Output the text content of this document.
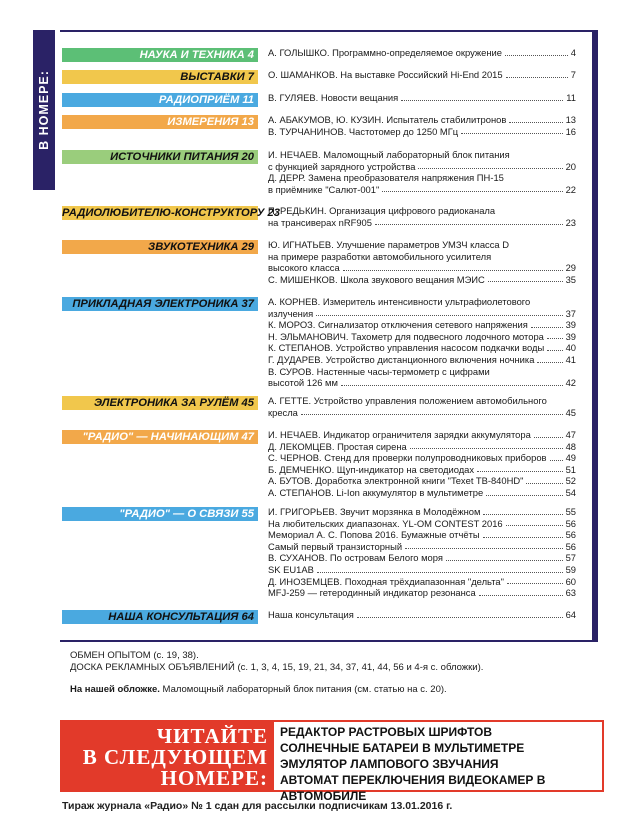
В НОМЕРЕ:
НАУКА И ТЕХНИКА 4	А. ГОЛЫШКО. Программно-определяемое окружение	4
ВЫСТАВКИ 7	О. ШАМАНКОВ. На выставке Российский Hi-End 2015	7
РАДИОПРИЁМ 11	В. ГУЛЯЕВ. Новости вещания	11
ИЗМЕРЕНИЯ 13	А. АБАКУМОВ, Ю. КУЗИН. Испытатель стабилитронов	13
В. ТУРЧАНИНОВ. Частотомер до 1250 МГц	16
ИСТОЧНИКИ ПИТАНИЯ 20	И. НЕЧАЕВ. Маломощный лабораторный блок питания
с функцией зарядного устройства	20
Д. ДЕРР. Замена преобразователя напряжения ПН-15
в приёмнике "Салют-001"	22
РАДИОЛЮБИТЕЛЮ-КОНСТРУКТОРУ 23
П. РЕДЬКИН. Организация цифрового радиоканала
на трансиверах nRF905	23
ЗВУКОТЕХНИКА 29	Ю. ИГНАТЬЕВ. Улучшение параметров УМЗЧ класса D
на примере разработки автомобильного усилителя
высокого класса	29
С. МИШЕНКОВ. Школа звукового вещания МЭИС	35
ПРИКЛАДНАЯ ЭЛЕКТРОНИКА 37	А. КОРНЕВ. Измеритель интенсивности ультрафиолетового
излучения	37
К. МОРОЗ. Сигнализатор отключения сетевого напряжения	39
Н. ЭЛЬМАНОВИЧ. Тахометр для подвесного лодочного мотора 39
К. СТЕПАНОВ. Устройство управления насосом подкачки воды 40
Г. ДУДАРЕВ. Устройство дистанционного включения ночника	41
В. СУРОВ. Настенные часы-термометр с цифрами
высотой 126 мм	42
ЭЛЕКТРОНИКА ЗА РУЛЁМ 45	А. ГЕТТЕ. Устройство управления положением автомобильного
кресла	45
"РАДИО" — НАЧИНАЮЩИМ 47	И. НЕЧАЕВ. Индикатор ограничителя зарядки аккумулятора	47
Д. ЛЕКОМЦЕВ. Простая сирена	48
С. ЧЕРНОВ. Стенд для проверки полупроводниковых приборов 49
Б. ДЕМЧЕНКО. Щуп-индикатор на светодиодах	51
А. БУТОВ. Доработка электронной книги "Texet TB-840HD"	52
А. СТЕПАНОВ. Li-Ion аккумулятор в мультиметре	54
"РАДИО" — О СВЯЗИ 55	И. ГРИГОРЬЕВ. Звучит морзянка в Молодёжном	55
На любительских диапазонах. YL-OM CONTEST 2016	56
Мемориал А. С. Попова 2016. Бумажные отчёты	56
Самый первый транзисторный	56
В. СУХАНОВ. По островам Белого моря	57
SK EU1AB	59
Д. ИНОЗЕМЦЕВ. Походная трёхдиапазонная "дельта"	60
MFJ-259 — гетеродинный индикатор резонанса	63
НАША КОНСУЛЬТАЦИЯ 64	Наша консультация	64
ОБМЕН ОПЫТОМ (с. 19, 38).
ДОСКА РЕКЛАМНЫХ ОБЪЯВЛЕНИЙ (с. 1, 3, 4, 15, 19, 21, 34, 37, 41, 44, 56 и 4-я с. обложки).
На нашей обложке. Маломощный лабораторный блок питания (см. статью на с. 20).
ЧИТАЙТЕ
В СЛЕДУЮЩЕМ
НОМЕРЕ:
РЕДАКТОР РАСТРОВЫХ ШРИФТОВ
СОЛНЕЧНЫЕ БАТАРЕИ В МУЛЬТИМЕТРЕ
ЭМУЛЯТОР ЛАМПОВОГО ЗВУЧАНИЯ
АВТОМАТ ПЕРЕКЛЮЧЕНИЯ ВИДЕОКАМЕР В АВТОМОБИЛЕ
Тираж журнала «Радио» № 1 сдан для рассылки подписчикам 13.01.2016 г.
